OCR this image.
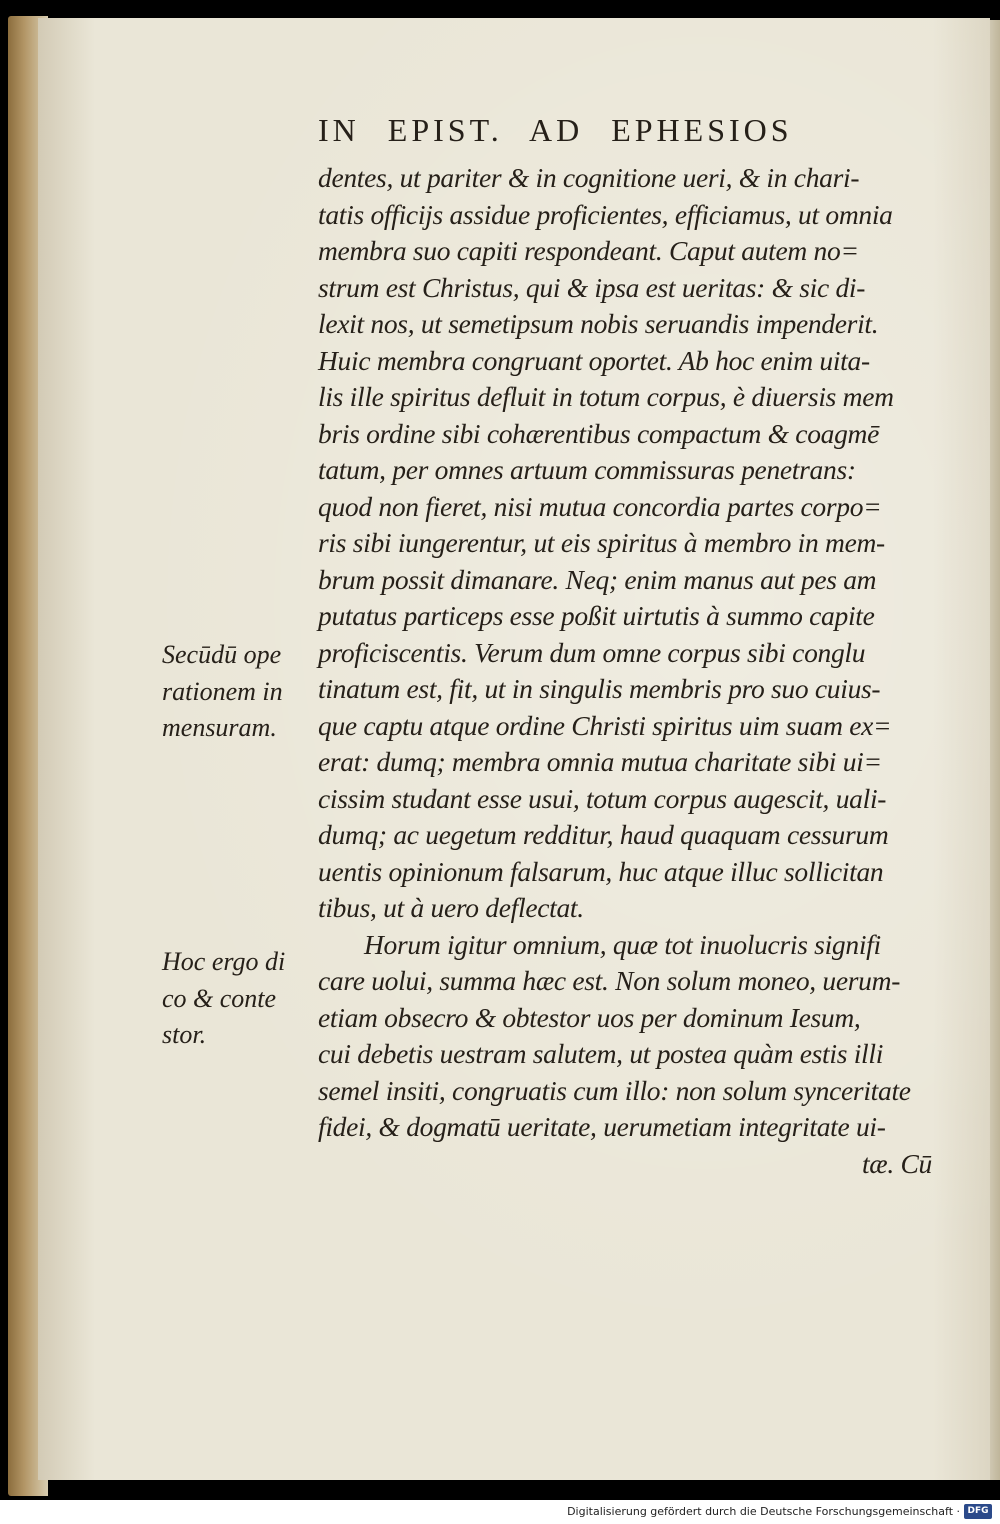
IN EPIST. AD EPHESIOS
dentes, ut pariter & in cognitione ueri, & in chari-
tatis officijs assidue proficientes, efficiamus, ut omnia
membra suo capiti respondeant. Caput autem no=
strum est Christus, qui & ipsa est ueritas: & sic di-
lexit nos, ut semetipsum nobis seruandis impenderit.
Huic membra congruant oportet. Ab hoc enim uita-
lis ille spiritus defluit in totum corpus, è diuersis mem
bris ordine sibi cohærentibus compactum & coagmē
tatum, per omnes artuum commissuras penetrans:
quod non fieret, nisi mutua concordia partes corpo=
ris sibi iungerentur, ut eis spiritus à membro in mem-
brum possit dimanare. Neq; enim manus aut pes am
putatus particeps esse poßit uirtutis à summo capite
proficiscentis. Verum dum omne corpus sibi conglu
tinatum est, fit, ut in singulis membris pro suo cuius-
que captu atque ordine Christi spiritus uim suam ex=
erat: dumq; membra omnia mutua charitate sibi ui=
cissim studant esse usui, totum corpus augescit, uali-
dumq; ac uegetum redditur, haud quaquam cessurum
uentis opinionum falsarum, huc atque illuc sollicitan
tibus, ut à uero deflectat.
Horum igitur omnium, quæ tot inuolucris signifi
care uolui, summa hæc est. Non solum moneo, uerum-
etiam obsecro & obtestor uos per dominum Iesum,
cui debetis uestram salutem, ut postea quàm estis illi
semel insiti, congruatis cum illo: non solum synceritate
fidei, & dogmatū ueritate, uerumetiam integritate ui-
tæ. Cū
Secūdū ope
rationem in
mensuram.
Hoc ergo di
co & conte
stor.
Digitalisierung gefördert durch die Deutsche Forschungsgemeinschaft · DFG
